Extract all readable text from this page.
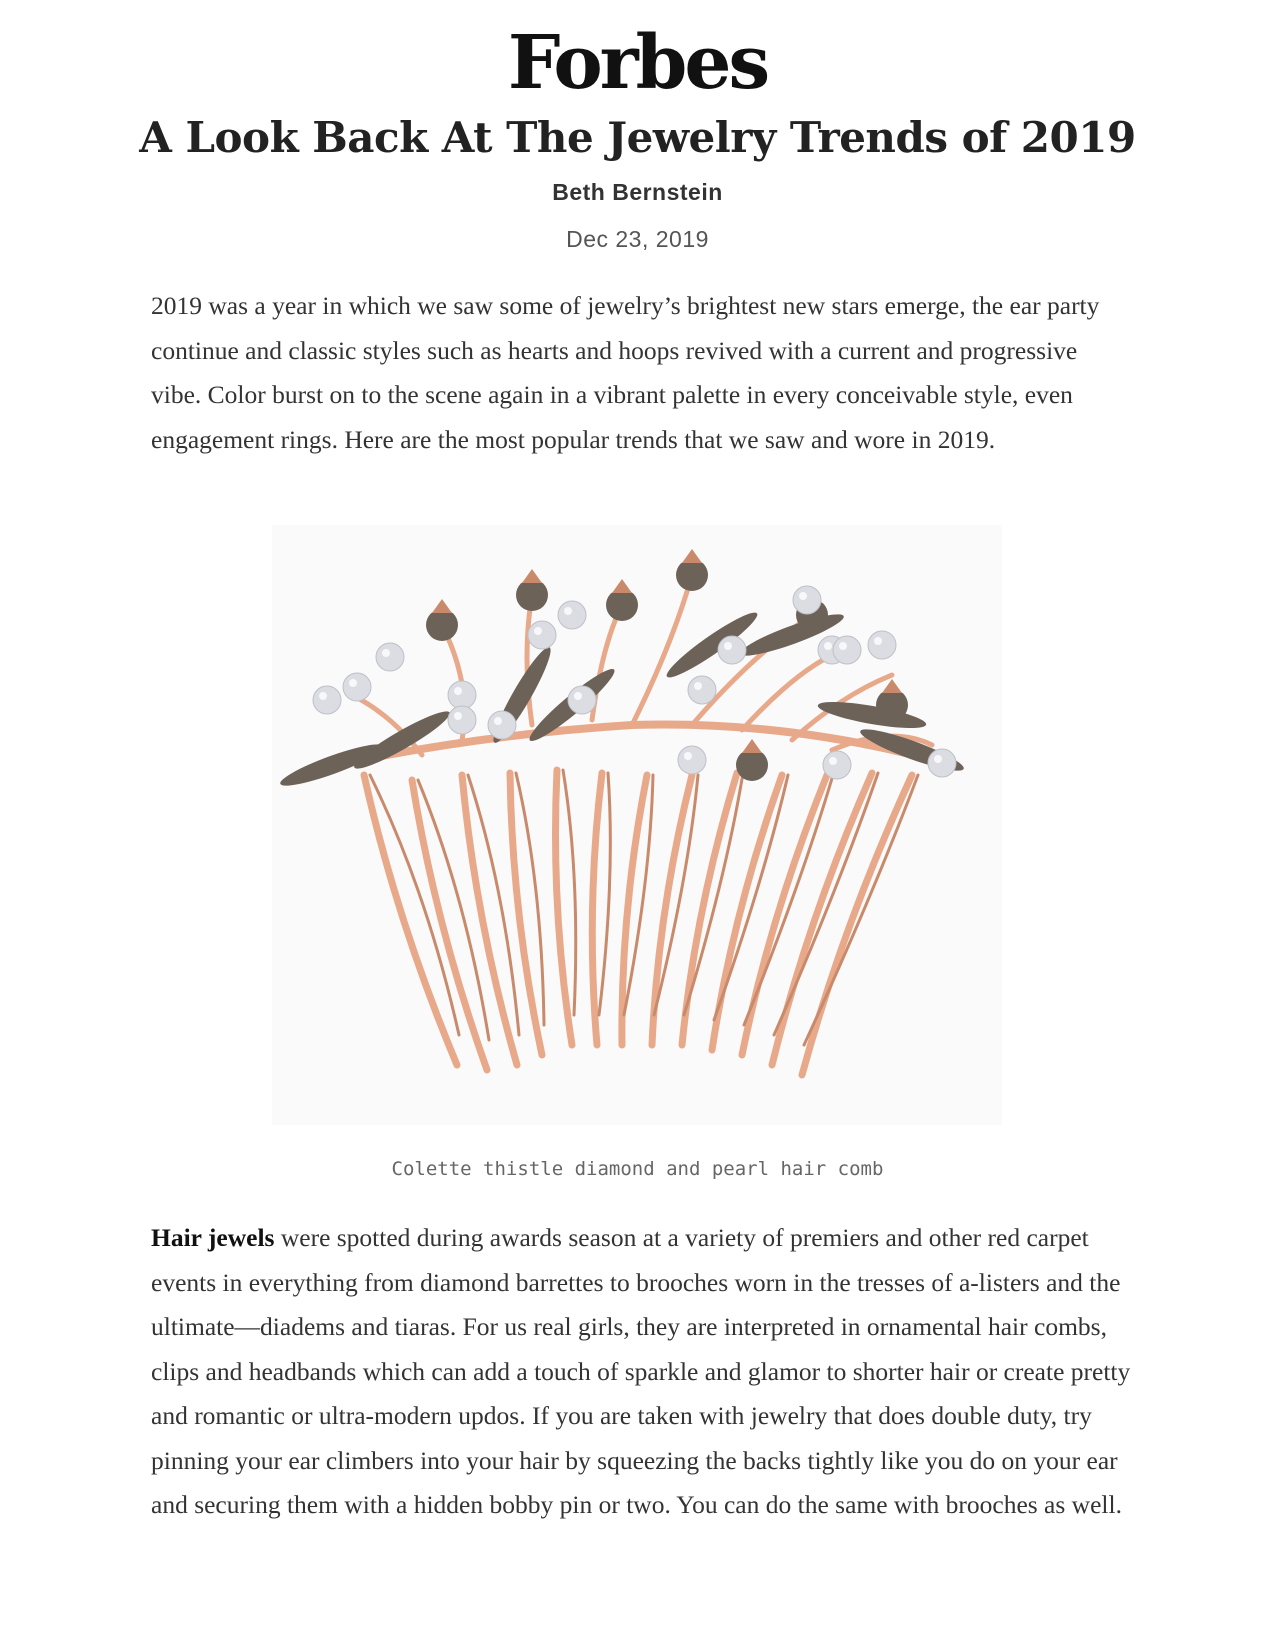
Forbes
A Look Back At The Jewelry Trends of 2019
Beth Bernstein
Dec 23, 2019

2019 was a year in which we saw some of jewelry’s brightest new stars emerge, the ear party continue and classic styles such as hearts and hoops revived with a current and progressive vibe. Color burst on to the scene again in a vibrant palette in every conceivable style, even engagement rings. Here are the most popular trends that we saw and wore in 2019.

Colette thistle diamond and pearl hair comb

Hair jewels were spotted during awards season at a variety of premiers and other red carpet events in everything from diamond barrettes to brooches worn in the tresses of a-listers and the ultimate—diadems and tiaras. For us real girls, they are interpreted in ornamental hair combs, clips and headbands which can add a touch of sparkle and glamor to shorter hair or create pretty and romantic or ultra-modern updos. If you are taken with jewelry that does double duty, try pinning your ear climbers into your hair by squeezing the backs tightly like you do on your ear and securing them with a hidden bobby pin or two. You can do the same with brooches as well.
